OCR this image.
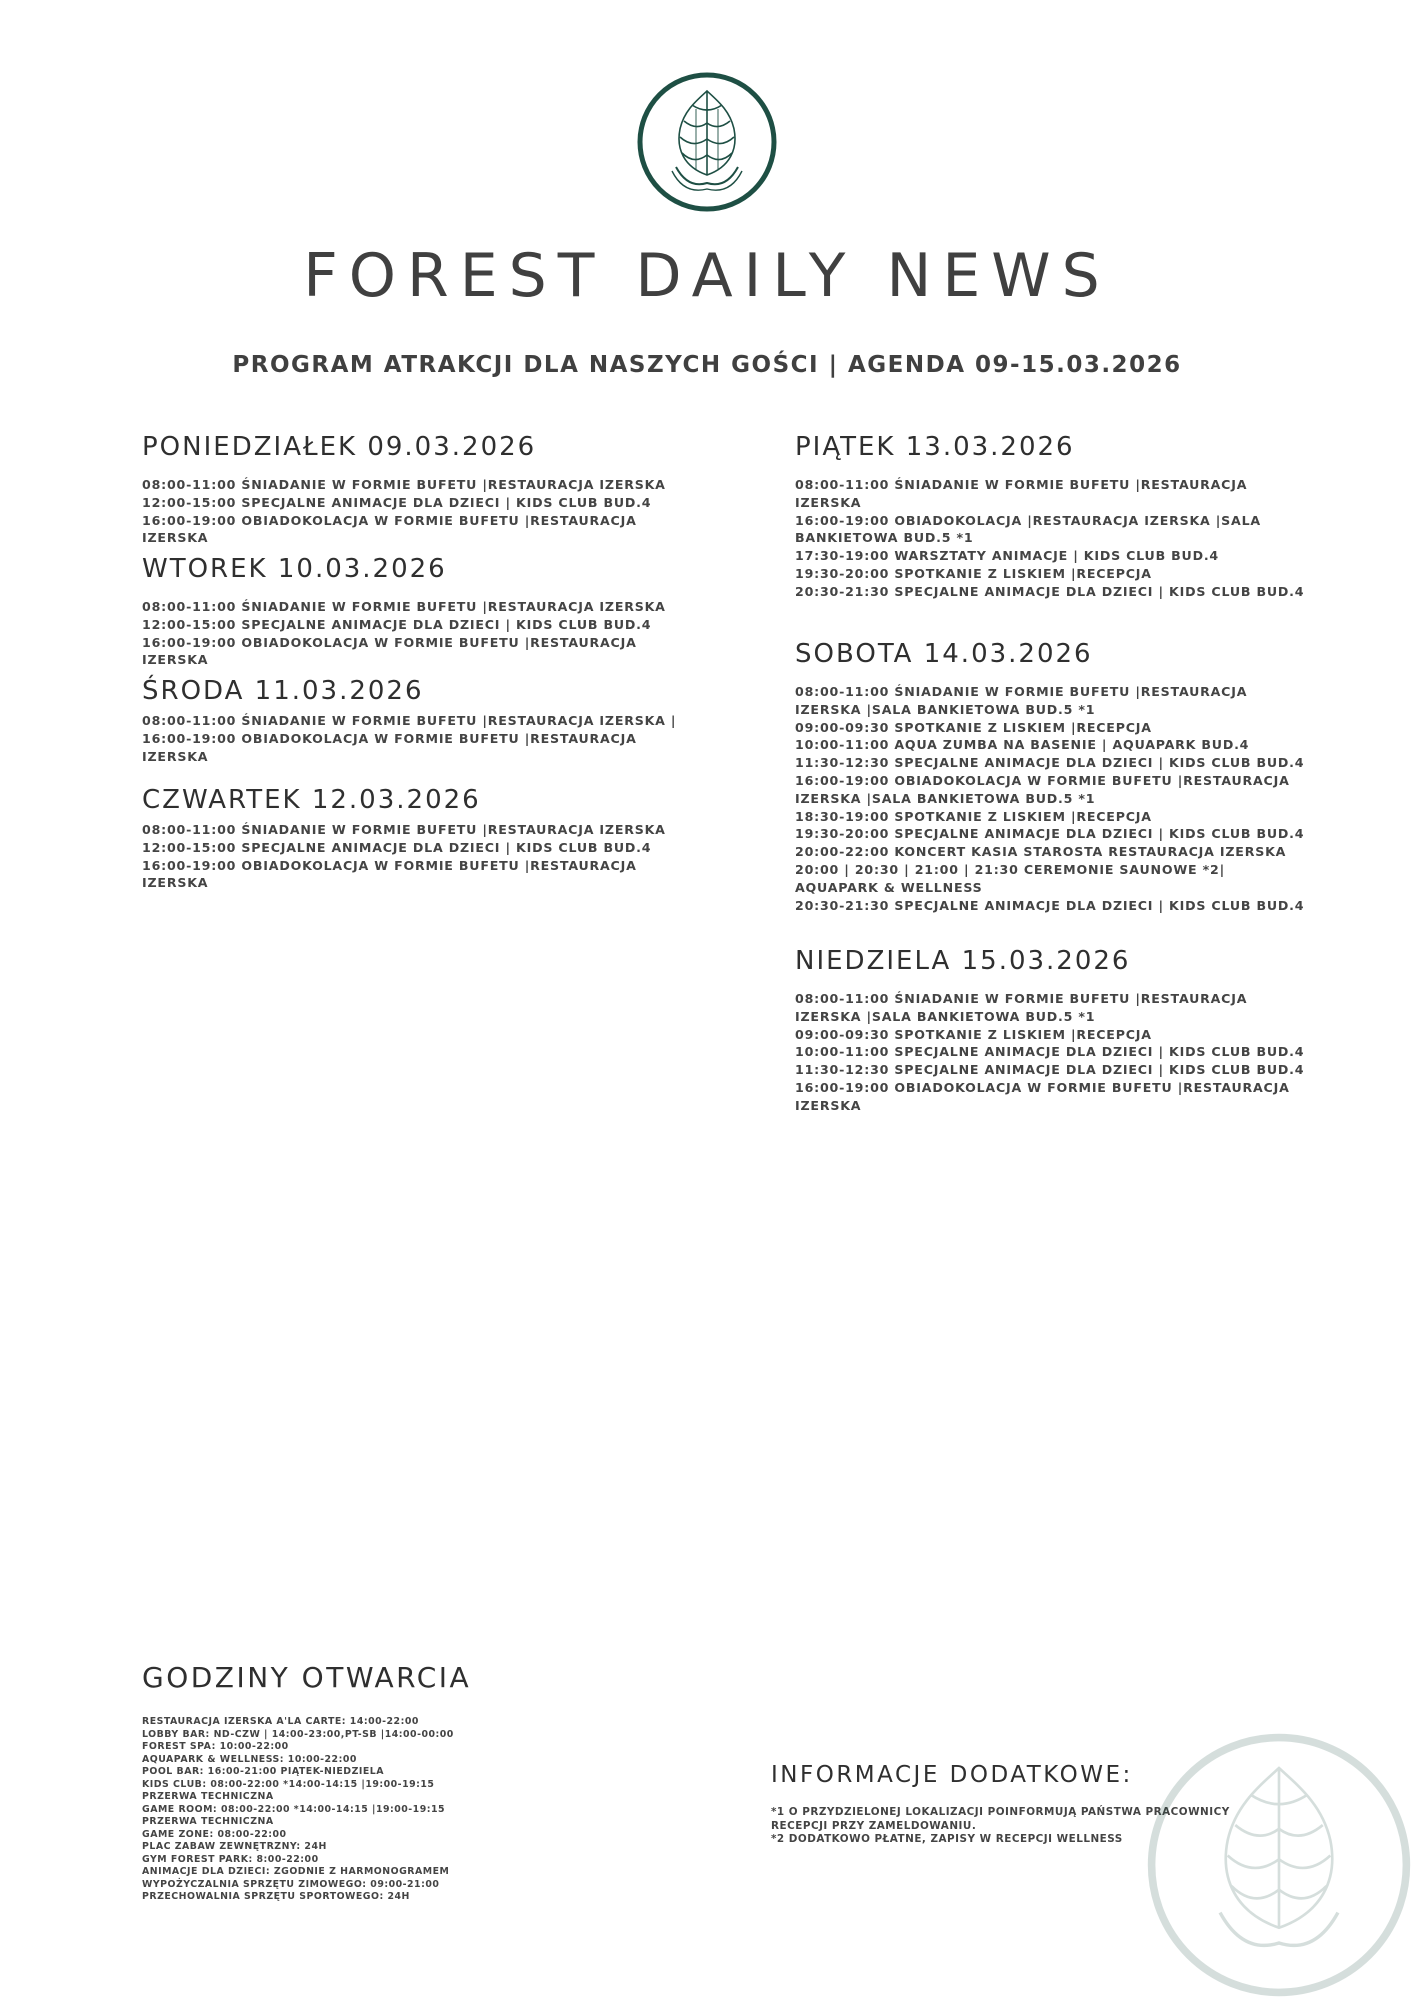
FOREST DAILY NEWS
PROGRAM ATRAKCJI DLA NASZYCH GOŚCI | AGENDA 09-15.03.2026
PONIEDZIAŁEK 09.03.2026
08:00-11:00 ŚNIADANIE W FORMIE BUFETU |RESTAURACJA IZERSKA
12:00-15:00 SPECJALNE ANIMACJE DLA DZIECI | KIDS CLUB BUD.4
16:00-19:00 OBIADOKOLACJA W FORMIE BUFETU |RESTAURACJA
IZERSKA
WTOREK 10.03.2026
08:00-11:00 ŚNIADANIE W FORMIE BUFETU |RESTAURACJA IZERSKA
12:00-15:00 SPECJALNE ANIMACJE DLA DZIECI | KIDS CLUB BUD.4
16:00-19:00 OBIADOKOLACJA W FORMIE BUFETU |RESTAURACJA
IZERSKA
ŚRODA 11.03.2026
08:00-11:00 ŚNIADANIE W FORMIE BUFETU |RESTAURACJA IZERSKA |
16:00-19:00 OBIADOKOLACJA W FORMIE BUFETU |RESTAURACJA
IZERSKA
CZWARTEK 12.03.2026
08:00-11:00 ŚNIADANIE W FORMIE BUFETU |RESTAURACJA IZERSKA
12:00-15:00 SPECJALNE ANIMACJE DLA DZIECI | KIDS CLUB BUD.4
16:00-19:00 OBIADOKOLACJA W FORMIE BUFETU |RESTAURACJA
IZERSKA
PIĄTEK 13.03.2026
08:00-11:00 ŚNIADANIE W FORMIE BUFETU |RESTAURACJA
IZERSKA
16:00-19:00 OBIADOKOLACJA |RESTAURACJA IZERSKA |SALA
BANKIETOWA BUD.5 *1
17:30-19:00 WARSZTATY ANIMACJE | KIDS CLUB BUD.4
19:30-20:00 SPOTKANIE Z LISKIEM |RECEPCJA
20:30-21:30 SPECJALNE ANIMACJE DLA DZIECI | KIDS CLUB BUD.4
SOBOTA 14.03.2026
08:00-11:00 ŚNIADANIE W FORMIE BUFETU |RESTAURACJA
IZERSKA |SALA BANKIETOWA BUD.5 *1
09:00-09:30 SPOTKANIE Z LISKIEM |RECEPCJA
10:00-11:00 AQUA ZUMBA NA BASENIE | AQUAPARK BUD.4
11:30-12:30 SPECJALNE ANIMACJE DLA DZIECI | KIDS CLUB BUD.4
16:00-19:00 OBIADOKOLACJA W FORMIE BUFETU |RESTAURACJA
IZERSKA |SALA BANKIETOWA BUD.5 *1
18:30-19:00 SPOTKANIE Z LISKIEM |RECEPCJA
19:30-20:00 SPECJALNE ANIMACJE DLA DZIECI | KIDS CLUB BUD.4
20:00-22:00 KONCERT KASIA STAROSTA RESTAURACJA IZERSKA
20:00 | 20:30 | 21:00 | 21:30 CEREMONIE SAUNOWE *2|
AQUAPARK & WELLNESS
20:30-21:30 SPECJALNE ANIMACJE DLA DZIECI | KIDS CLUB BUD.4
NIEDZIELA 15.03.2026
08:00-11:00 ŚNIADANIE W FORMIE BUFETU |RESTAURACJA
IZERSKA |SALA BANKIETOWA BUD.5 *1
09:00-09:30 SPOTKANIE Z LISKIEM |RECEPCJA
10:00-11:00 SPECJALNE ANIMACJE DLA DZIECI | KIDS CLUB BUD.4
11:30-12:30 SPECJALNE ANIMACJE DLA DZIECI | KIDS CLUB BUD.4
16:00-19:00 OBIADOKOLACJA W FORMIE BUFETU |RESTAURACJA
IZERSKA
GODZINY OTWARCIA
RESTAURACJA IZERSKA A'LA CARTE: 14:00-22:00
LOBBY BAR: ND-CZW | 14:00-23:00,PT-SB |14:00-00:00
FOREST SPA: 10:00-22:00
AQUAPARK & WELLNESS: 10:00-22:00
POOL BAR: 16:00-21:00 PIĄTEK-NIEDZIELA
KIDS CLUB: 08:00-22:00 *14:00-14:15 |19:00-19:15
PRZERWA TECHNICZNA
GAME ROOM: 08:00-22:00 *14:00-14:15 |19:00-19:15
PRZERWA TECHNICZNA
GAME ZONE: 08:00-22:00
PLAC ZABAW ZEWNĘTRZNY: 24H
GYM FOREST PARK: 8:00-22:00
ANIMACJE DLA DZIECI: ZGODNIE Z HARMONOGRAMEM
WYPOŻYCZALNIA SPRZĘTU ZIMOWEGO: 09:00-21:00
PRZECHOWALNIA SPRZĘTU SPORTOWEGO: 24H
INFORMACJE DODATKOWE:
*1 O PRZYDZIELONEJ LOKALIZACJI POINFORMUJĄ PAŃSTWA PRACOWNICY
RECEPCJI PRZY ZAMELDOWANIU.
*2 DODATKOWO PŁATNE, ZAPISY W RECEPCJI WELLNESS
